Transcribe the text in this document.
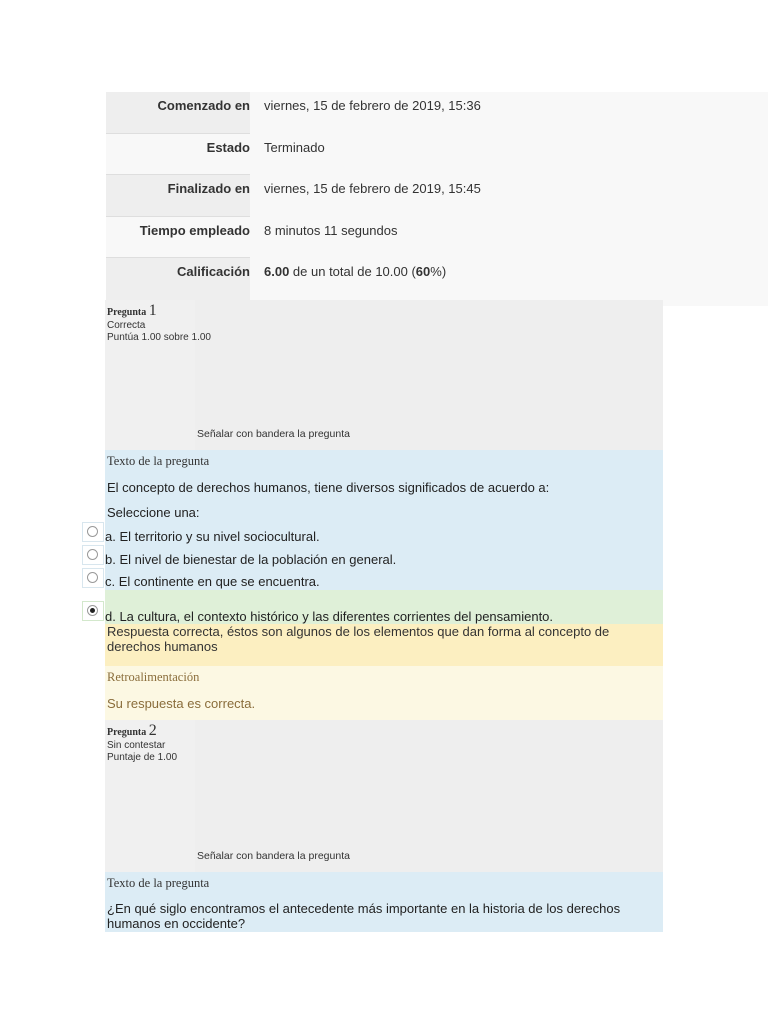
Comenzado en	viernes, 15 de febrero de 2019, 15:36
Estado	Terminado
Finalizado en	viernes, 15 de febrero de 2019, 15:45
Tiempo empleado	8 minutos 11 segundos
Calificación	6.00 de un total de 10.00 (60%)
Pregunta 1
Correcta
Puntúa 1.00 sobre 1.00
Señalar con bandera la pregunta
Texto de la pregunta
El concepto de derechos humanos, tiene diversos significados de acuerdo a:
Seleccione una:
a. El territorio y su nivel sociocultural.
b. El nivel de bienestar de la población en general.
c. El continente en que se encuentra.
d. La cultura, el contexto histórico y las diferentes corrientes del pensamiento.
Respuesta correcta, éstos son algunos de los elementos que dan forma al concepto de derechos humanos
Retroalimentación
Su respuesta es correcta.
Pregunta 2
Sin contestar
Puntaje de 1.00
Señalar con bandera la pregunta
Texto de la pregunta
¿En qué siglo encontramos el antecedente más importante en la historia de los derechos humanos en occidente?
